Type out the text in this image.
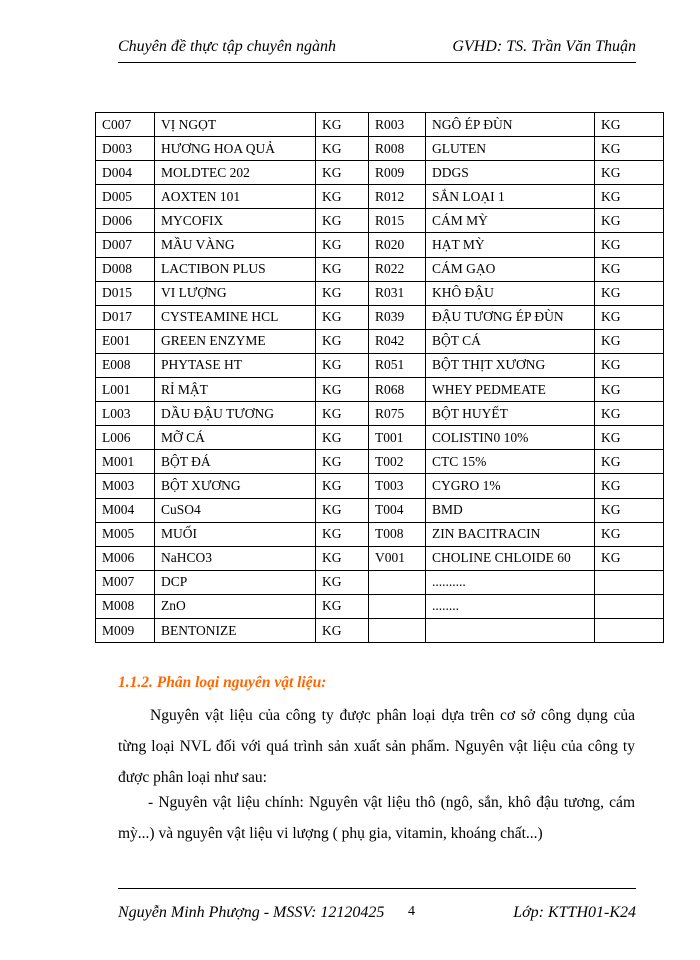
Chuyên đề thực tập chuyên ngành	GVHD: TS. Trần Văn Thuận
C007	VỊ NGỌT	KG	R003	NGÔ ÉP ĐÙN	KG
D003	HƯƠNG HOA QUẢ	KG	R008	GLUTEN	KG
D004	MOLDTEC 202	KG	R009	DDGS	KG
D005	AOXTEN 101	KG	R012	SẮN LOẠI 1	KG
D006	MYCOFIX	KG	R015	CÁM MỲ	KG
D007	MẦU VÀNG	KG	R020	HẠT MỲ	KG
D008	LACTIBON PLUS	KG	R022	CÁM GẠO	KG
D015	VI LƯỢNG	KG	R031	KHÔ ĐẬU	KG
D017	CYSTEAMINE HCL	KG	R039	ĐẬU TƯƠNG ÉP ĐÙN	KG
E001	GREEN ENZYME	KG	R042	BỘT CÁ	KG
E008	PHYTASE HT	KG	R051	BỘT THỊT XƯƠNG	KG
L001	RỈ MẬT	KG	R068	WHEY PEDMEATE	KG
L003	DẦU ĐẬU TƯƠNG	KG	R075	BỘT HUYẾT	KG
L006	MỠ CÁ	KG	T001	COLISTIN0 10%	KG
M001	BỘT ĐÁ	KG	T002	CTC 15%	KG
M003	BỘT XƯƠNG	KG	T003	CYGRO 1%	KG
M004	CuSO4	KG	T004	BMD	KG
M005	MUỐI	KG	T008	ZIN BACITRACIN	KG
M006	NaHCO3	KG	V001	CHOLINE CHLOIDE 60	KG
M007	DCP	KG		..........	
M008	ZnO	KG		........	
M009	BENTONIZE	KG			
1.1.2. Phân loại nguyên vật liệu:
Nguyên vật liệu của công ty được phân loại dựa trên cơ sở công dụng của từng loại NVL đối với quá trình sản xuất sản phẩm. Nguyên vật liệu của công ty được phân loại như sau:
- Nguyên vật liệu chính: Nguyên vật liệu thô (ngô, sắn, khô đậu tương, cám mỳ...) và nguyên vật liệu vi lượng ( phụ gia, vitamin, khoáng chất...)
Nguyễn Minh Phượng - MSSV: 12120425 4	Lớp: KTTH01-K24
